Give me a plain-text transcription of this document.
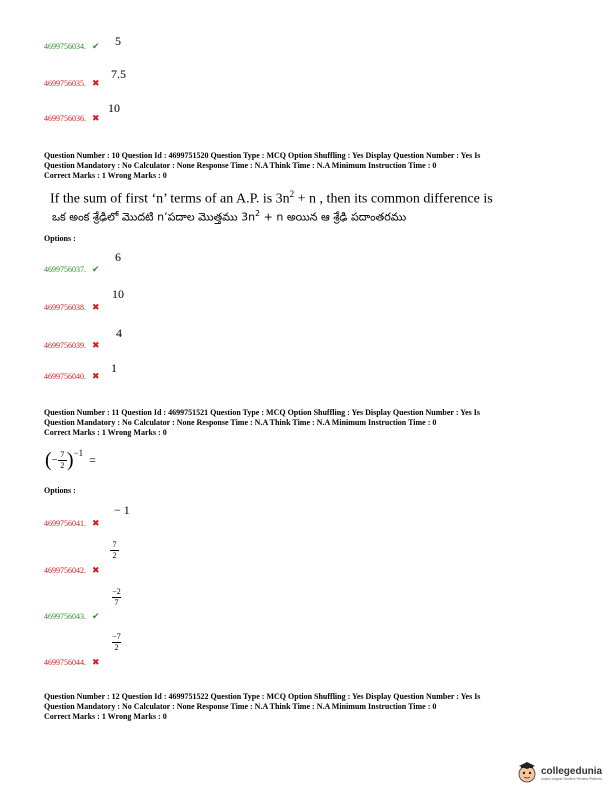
4699756034. ✔ 5
4699756035. ✖
7.5
4699756036. ✖
10
Question Number : 10 Question Id : 4699751520 Question Type : MCQ Option Shuffling : Yes Display Question Number : Yes Is
Question Mandatory : No Calculator : None Response Time : N.A Think Time : N.A Minimum Instruction Time : 0
Correct Marks : 1 Wrong Marks : 0
If the sum of first ‘n’ terms of an A.P. is $3n^2 + n$ , then its common difference is
ఒక అంక శ్రేఢిలో మొదటి n’పదాల మొత్తము $3n^2 + n$ అయిన ఆ శ్రేఢి పదాంతరము
Options :
4699756037. ✔
6
4699756038. ✖
10
4699756039. ✖
4
4699756040. ✖
1
Question Number : 11 Question Id : 4699751521 Question Type : MCQ Option Shuffling : Yes Display Question Number : Yes Is
Question Mandatory : No Calculator : None Response Time : N.A Think Time : N.A Minimum Instruction Time : 0
Correct Marks : 1 Wrong Marks : 0
( − $\frac{7}{2} )^{-1}$ =
Options :
4699756041. ✖
− 1
4699756042. ✖
7
2
4699756043. ✔
−2
7
4699756044. ✖
−7
2
Question Number : 12 Question Id : 4699751522 Question Type : MCQ Option Shuffling : Yes Display Question Number : Yes Is
Question Mandatory : No Calculator : None Response Time : N.A Think Time : N.A Minimum Instruction Time : 0
Correct Marks : 1 Wrong Marks : 0
collegedunia
India's largest Student Review Platform
